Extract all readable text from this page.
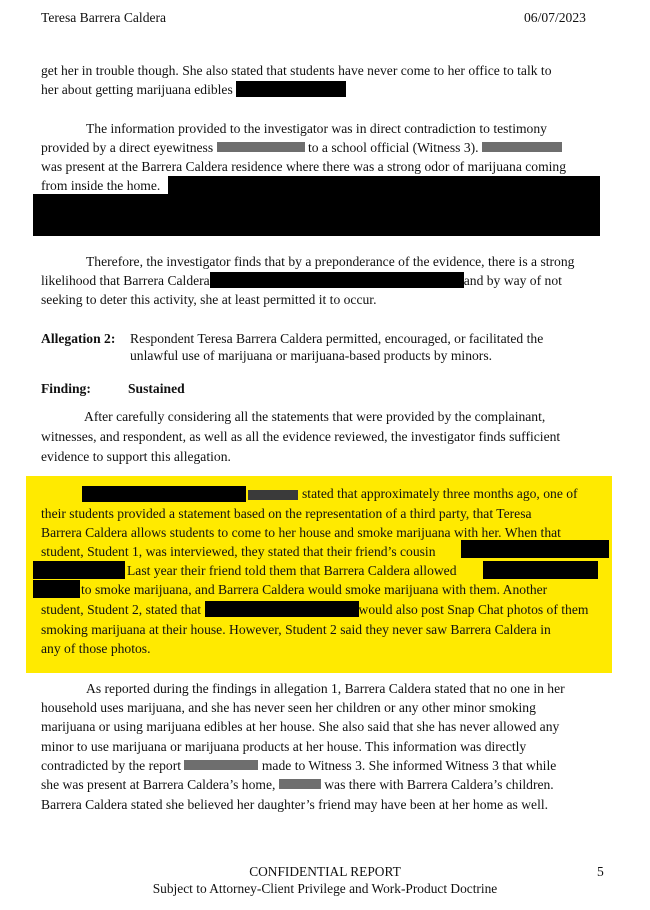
Teresa Barrera Caldera	06/07/2023
get her in trouble though. She also stated that students have never come to her office to talk to
her about getting marijuana edibles
The information provided to the investigator was in direct contradiction to testimony
provided by a direct eyewitness	to a school official (Witness 3).
was present at the Barrera Caldera residence where there was a strong odor of marijuana coming
from inside the home.
Therefore, the investigator finds that by a preponderance of the evidence, there is a strong
likelihood that Barrera Caldera	and by way of not
seeking to deter this activity, she at least permitted it to occur.
Allegation 2: Respondent Teresa Barrera Caldera permitted, encouraged, or facilitated the
unlawful use of marijuana or marijuana-based products by minors.
Finding:	Sustained
After carefully considering all the statements that were provided by the complainant,
witnesses, and respondent, as well as all the evidence reviewed, the investigator finds sufficient
evidence to support this allegation.
stated that approximately three months ago, one of
their students provided a statement based on the representation of a third party, that Teresa
Barrera Caldera allows students to come to her house and smoke marijuana with her. When that
student, Student 1, was interviewed, they stated that their friend’s cousin
Last year their friend told them that Barrera Caldera allowed
to smoke marijuana, and Barrera Caldera would smoke marijuana with them. Another
student, Student 2, stated that	would also post Snap Chat photos of them
smoking marijuana at their house. However, Student 2 said they never saw Barrera Caldera in
any of those photos.
As reported during the findings in allegation 1, Barrera Caldera stated that no one in her
household uses marijuana, and she has never seen her children or any other minor smoking
marijuana or using marijuana edibles at her house. She also said that she has never allowed any
minor to use marijuana or marijuana products at her house. This information was directly
contradicted by the report	made to Witness 3. She informed Witness 3 that while
she was present at Barrera Caldera’s home,	was there with Barrera Caldera’s children.
Barrera Caldera stated she believed her daughter’s friend may have been at her home as well.
CONFIDENTIAL REPORT
Subject to Attorney-Client Privilege and Work-Product Doctrine
5
